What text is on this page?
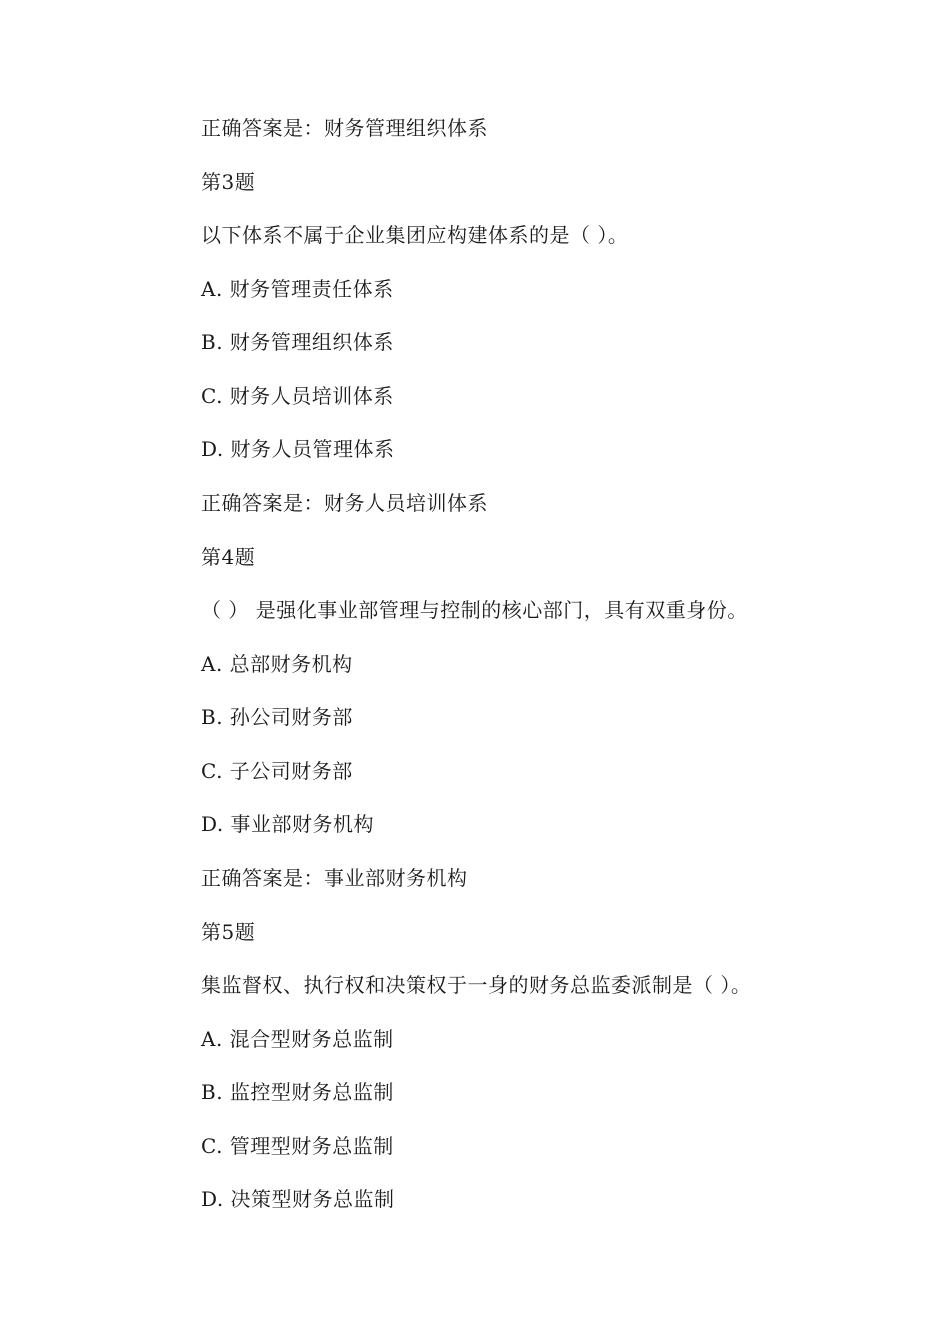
正确答案是：财务管理组织体系
第3题
以下体系不属于企业集团应构建体系的是（ ）。
A. 财务管理责任体系
B. 财务管理组织体系
C. 财务人员培训体系
D. 财务人员管理体系
正确答案是：财务人员培训体系
第4题
（ ） 是强化事业部管理与控制的核心部门，具有双重身份。
A. 总部财务机构
B. 孙公司财务部
C. 子公司财务部
D. 事业部财务机构
正确答案是：事业部财务机构
第5题
集监督权、执行权和决策权于一身的财务总监委派制是（ ）。
A. 混合型财务总监制
B. 监控型财务总监制
C. 管理型财务总监制
D. 决策型财务总监制
